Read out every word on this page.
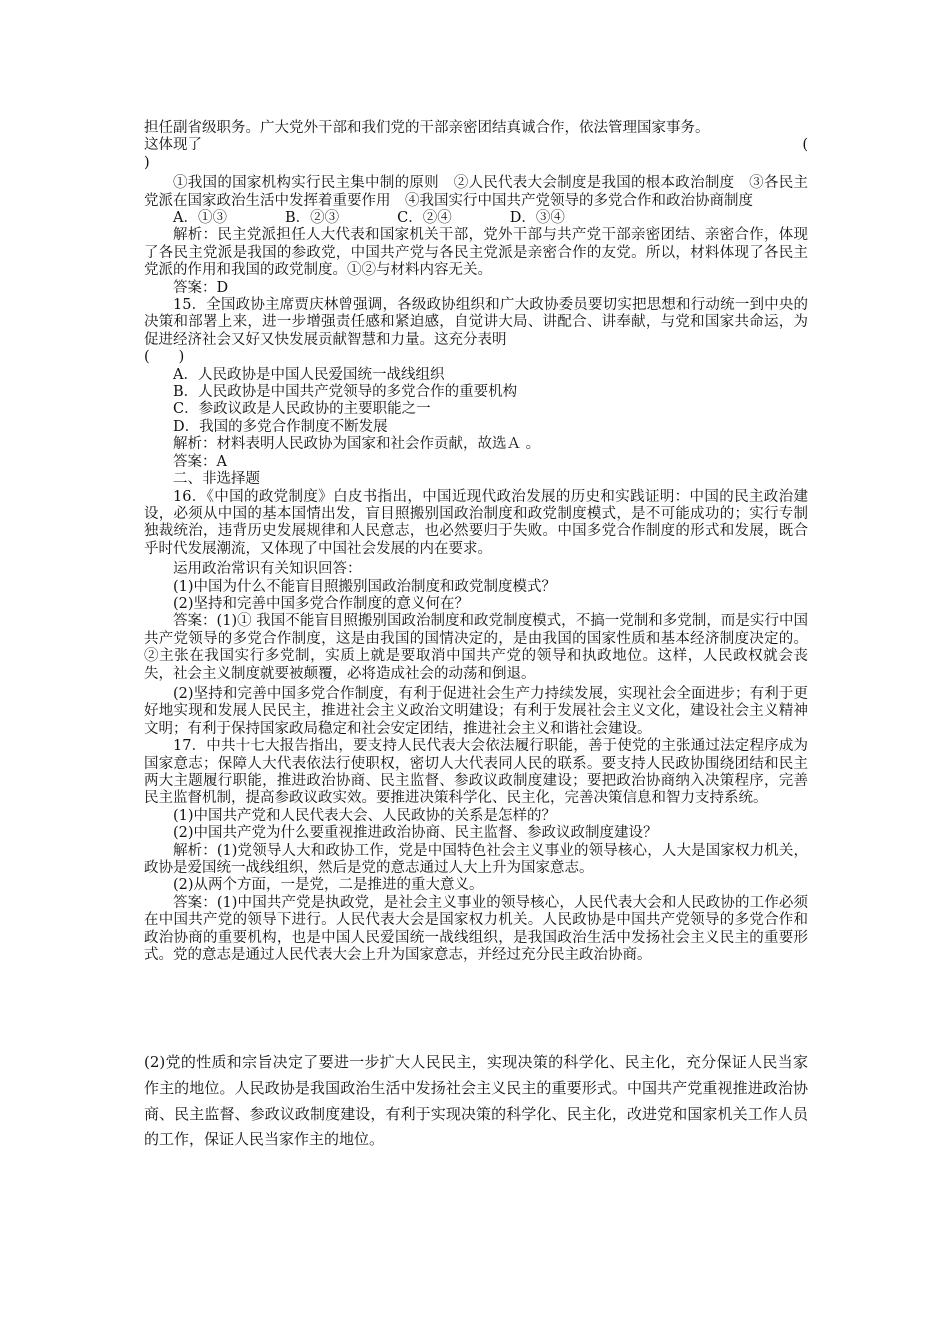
担任副省级职务。广大党外干部和我们党的干部亲密团结真诚合作，依法管理国家事务。

这体现了	(

)

①我国的国家机构实行民主集中制的原则　②人民代表大会制度是我国的根本政治制度　③各民主党派在国家政治生活中发挥着重要作用　④我国实行中国共产党领导的多党合作和政治协商制度

A．①③　　　　B．②③　　　　C．②④　　　　D．③④

解析：民主党派担任人大代表和国家机关干部，党外干部与共产党干部亲密团结、亲密合作，体现了各民主党派是我国的参政党，中国共产党与各民主党派是亲密合作的友党。所以，材料体现了各民主党派的作用和我国的政党制度。①②与材料内容无关。

答案：D

15．全国政协主席贾庆林曾强调，各级政协组织和广大政协委员要切实把思想和行动统一到中央的决策和部署上来，进一步增强责任感和紧迫感，自觉讲大局、讲配合、讲奉献，与党和国家共命运，为促进经济社会又好又快发展贡献智慧和力量。这充分表明

(　　)

A．人民政协是中国人民爱国统一战线组织

B．人民政协是中国共产党领导的多党合作的重要机构

C．参政议政是人民政协的主要职能之一

D．我国的多党合作制度不断发展

解析：材料表明人民政协为国家和社会作贡献，故选Ａ 。

答案：A

二、非选择题

16．《中国的政党制度》白皮书指出，中国近现代政治发展的历史和实践证明：中国的民主政治建设，必须从中国的基本国情出发，盲目照搬别国政治制度和政党制度模式，是不可能成功的；实行专制独裁统治，违背历史发展规律和人民意志，也必然要归于失败。中国多党合作制度的形式和发展，既合乎时代发展潮流，又体现了中国社会发展的内在要求。

运用政治常识有关知识回答：

(1)中国为什么不能盲目照搬别国政治制度和政党制度模式？

(2)坚持和完善中国多党合作制度的意义何在？

答案：(1)① 我国不能盲目照搬别国政治制度和政党制度模式，不搞一党制和多党制，而是实行中国共产党领导的多党合作制度，这是由我国的国情决定的，是由我国的国家性质和基本经济制度决定的。②主张在我国实行多党制，实质上就是要取消中国共产党的领导和执政地位。这样，人民政权就会丧失，社会主义制度就要被颠覆，必将造成社会的动荡和倒退。

(2)坚持和完善中国多党合作制度，有利于促进社会生产力持续发展，实现社会全面进步；有利于更好地实现和发展人民民主，推进社会主义政治文明建设；有利于发展社会主义文化，建设社会主义精神文明；有利于保持国家政局稳定和社会安定团结，推进社会主义和谐社会建设。

17．中共十七大报告指出，要支持人民代表大会依法履行职能，善于使党的主张通过法定程序成为国家意志；保障人大代表依法行使职权，密切人大代表同人民的联系。要支持人民政协围绕团结和民主两大主题履行职能，推进政治协商、民主监督、参政议政制度建设；要把政治协商纳入决策程序，完善民主监督机制，提高参政议政实效。要推进决策科学化、民主化，完善决策信息和智力支持系统。

(1)中国共产党和人民代表大会、人民政协的关系是怎样的？

(2)中国共产党为什么要重视推进政治协商、民主监督、参政议政制度建设？

解析：(1)党领导人大和政协工作，党是中国特色社会主义事业的领导核心，人大是国家权力机关，政协是爱国统一战线组织，然后是党的意志通过人大上升为国家意志。

(2)从两个方面，一是党，二是推进的重大意义。

答案：(1)中国共产党是执政党，是社会主义事业的领导核心，人民代表大会和人民政协的工作必须在中国共产党的领导下进行。人民代表大会是国家权力机关。人民政协是中国共产党领导的多党合作和政治协商的重要机构，也是中国人民爱国统一战线组织，是我国政治生活中发扬社会主义民主的重要形式。党的意志是通过人民代表大会上升为国家意志，并经过充分民主政治协商。

(2)党的性质和宗旨决定了要进一步扩大人民民主，实现决策的科学化、民主化，充分保证人民当家作主的地位。人民政协是我国政治生活中发扬社会主义民主的重要形式。中国共产党重视推进政治协商、民主监督、参政议政制度建设，有利于实现决策的科学化、民主化，改进党和国家机关工作人员的工作，保证人民当家作主的地位。
